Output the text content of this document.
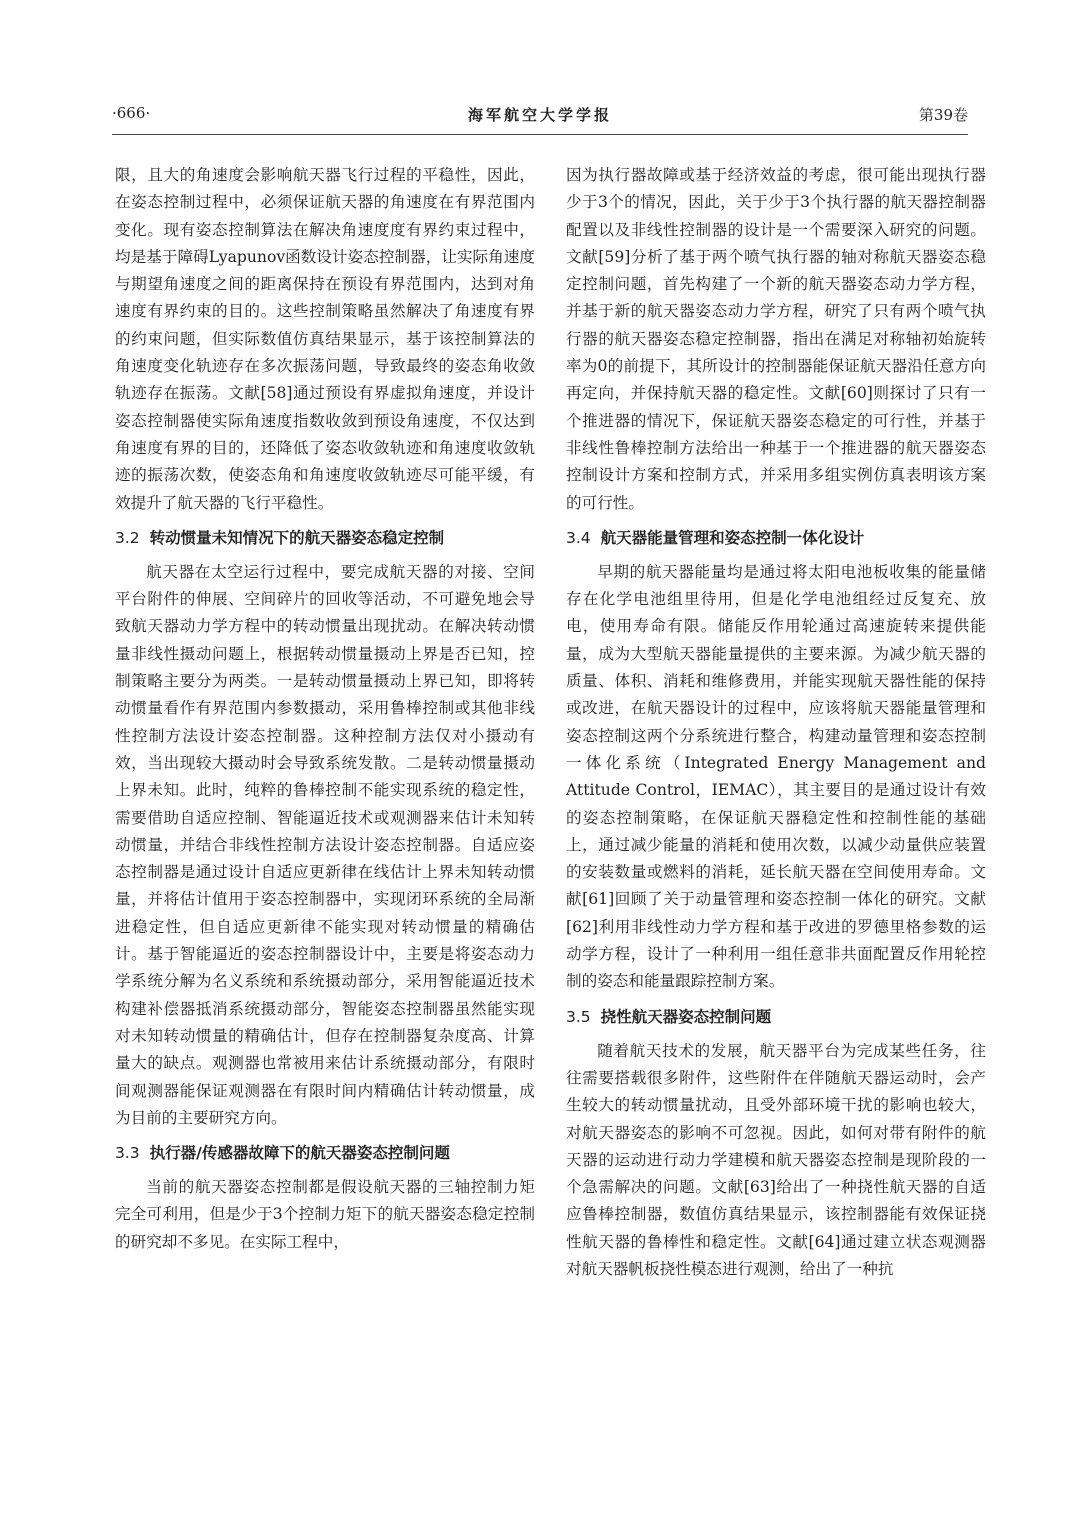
·666·	海军航空大学学报	第39卷

限，且大的角速度会影响航天器飞行过程的平稳性，因此，在姿态控制过程中，必须保证航天器的角速度在有界范围内变化。现有姿态控制算法在解决角速度度有界约束过程中，均是基于障碍Lyapunov函数设计姿态控制器，让实际角速度与期望角速度之间的距离保持在预设有界范围内，达到对角速度有界约束的目的。这些控制策略虽然解决了角速度有界的约束问题，但实际数值仿真结果显示，基于该控制算法的角速度变化轨迹存在多次振荡问题，导致最终的姿态角收敛轨迹存在振荡。文献[58]通过预设有界虚拟角速度，并设计姿态控制器使实际角速度指数收敛到预设角速度，不仅达到角速度有界的目的，还降低了姿态收敛轨迹和角速度收敛轨迹的振荡次数，使姿态角和角速度收敛轨迹尽可能平缓，有效提升了航天器的飞行平稳性。

3.2 转动惯量未知情况下的航天器姿态稳定控制

航天器在太空运行过程中，要完成航天器的对接、空间平台附件的伸展、空间碎片的回收等活动，不可避免地会导致航天器动力学方程中的转动惯量出现扰动。在解决转动惯量非线性摄动问题上，根据转动惯量摄动上界是否已知，控制策略主要分为两类。一是转动惯量摄动上界已知，即将转动惯量看作有界范围内参数摄动，采用鲁棒控制或其他非线性控制方法设计姿态控制器。这种控制方法仅对小摄动有效，当出现较大摄动时会导致系统发散。二是转动惯量摄动上界未知。此时，纯粹的鲁棒控制不能实现系统的稳定性，需要借助自适应控制、智能逼近技术或观测器来估计未知转动惯量，并结合非线性控制方法设计姿态控制器。自适应姿态控制器是通过设计自适应更新律在线估计上界未知转动惯量，并将估计值用于姿态控制器中，实现闭环系统的全局渐进稳定性，但自适应更新律不能实现对转动惯量的精确估计。基于智能逼近的姿态控制器设计中，主要是将姿态动力学系统分解为名义系统和系统摄动部分，采用智能逼近技术构建补偿器抵消系统摄动部分，智能姿态控制器虽然能实现对未知转动惯量的精确估计，但存在控制器复杂度高、计算量大的缺点。观测器也常被用来估计系统摄动部分，有限时间观测器能保证观测器在有限时间内精确估计转动惯量，成为目前的主要研究方向。

3.3 执行器/传感器故障下的航天器姿态控制问题

当前的航天器姿态控制都是假设航天器的三轴控制力矩完全可利用，但是少于3个控制力矩下的航天器姿态稳定控制的研究却不多见。在实际工程中，

因为执行器故障或基于经济效益的考虑，很可能出现执行器少于3个的情况，因此，关于少于3个执行器的航天器控制器配置以及非线性控制器的设计是一个需要深入研究的问题。文献[59]分析了基于两个喷气执行器的轴对称航天器姿态稳定控制问题，首先构建了一个新的航天器姿态动力学方程，并基于新的航天器姿态动力学方程，研究了只有两个喷气执行器的航天器姿态稳定控制器，指出在满足对称轴初始旋转率为0的前提下，其所设计的控制器能保证航天器沿任意方向再定向，并保持航天器的稳定性。文献[60]则探讨了只有一个推进器的情况下，保证航天器姿态稳定的可行性，并基于非线性鲁棒控制方法给出一种基于一个推进器的航天器姿态控制设计方案和控制方式，并采用多组实例仿真表明该方案的可行性。

3.4 航天器能量管理和姿态控制一体化设计

早期的航天器能量均是通过将太阳电池板收集的能量储存在化学电池组里待用，但是化学电池组经过反复充、放电，使用寿命有限。储能反作用轮通过高速旋转来提供能量，成为大型航天器能量提供的主要来源。为减少航天器的质量、体积、消耗和维修费用，并能实现航天器性能的保持或改进，在航天器设计的过程中，应该将航天器能量管理和姿态控制这两个分系统进行整合，构建动量管理和姿态控制一体化系统（Integrated Energy Management and Attitude Control，IEMAC），其主要目的是通过设计有效的姿态控制策略，在保证航天器稳定性和控制性能的基础上，通过减少能量的消耗和使用次数，以减少动量供应装置的安装数量或燃料的消耗，延长航天器在空间使用寿命。文献[61]回顾了关于动量管理和姿态控制一体化的研究。文献[62]利用非线性动力学方程和基于改进的罗德里格参数的运动学方程，设计了一种利用一组任意非共面配置反作用轮控制的姿态和能量跟踪控制方案。

3.5 挠性航天器姿态控制问题

随着航天技术的发展，航天器平台为完成某些任务，往往需要搭载很多附件，这些附件在伴随航天器运动时，会产生较大的转动惯量扰动，且受外部环境干扰的影响也较大，对航天器姿态的影响不可忽视。因此，如何对带有附件的航天器的运动进行动力学建模和航天器姿态控制是现阶段的一个急需解决的问题。文献[63]给出了一种挠性航天器的自适应鲁棒控制器，数值仿真结果显示，该控制器能有效保证挠性航天器的鲁棒性和稳定性。文献[64]通过建立状态观测器对航天器帆板挠性模态进行观测，给出了一种抗
